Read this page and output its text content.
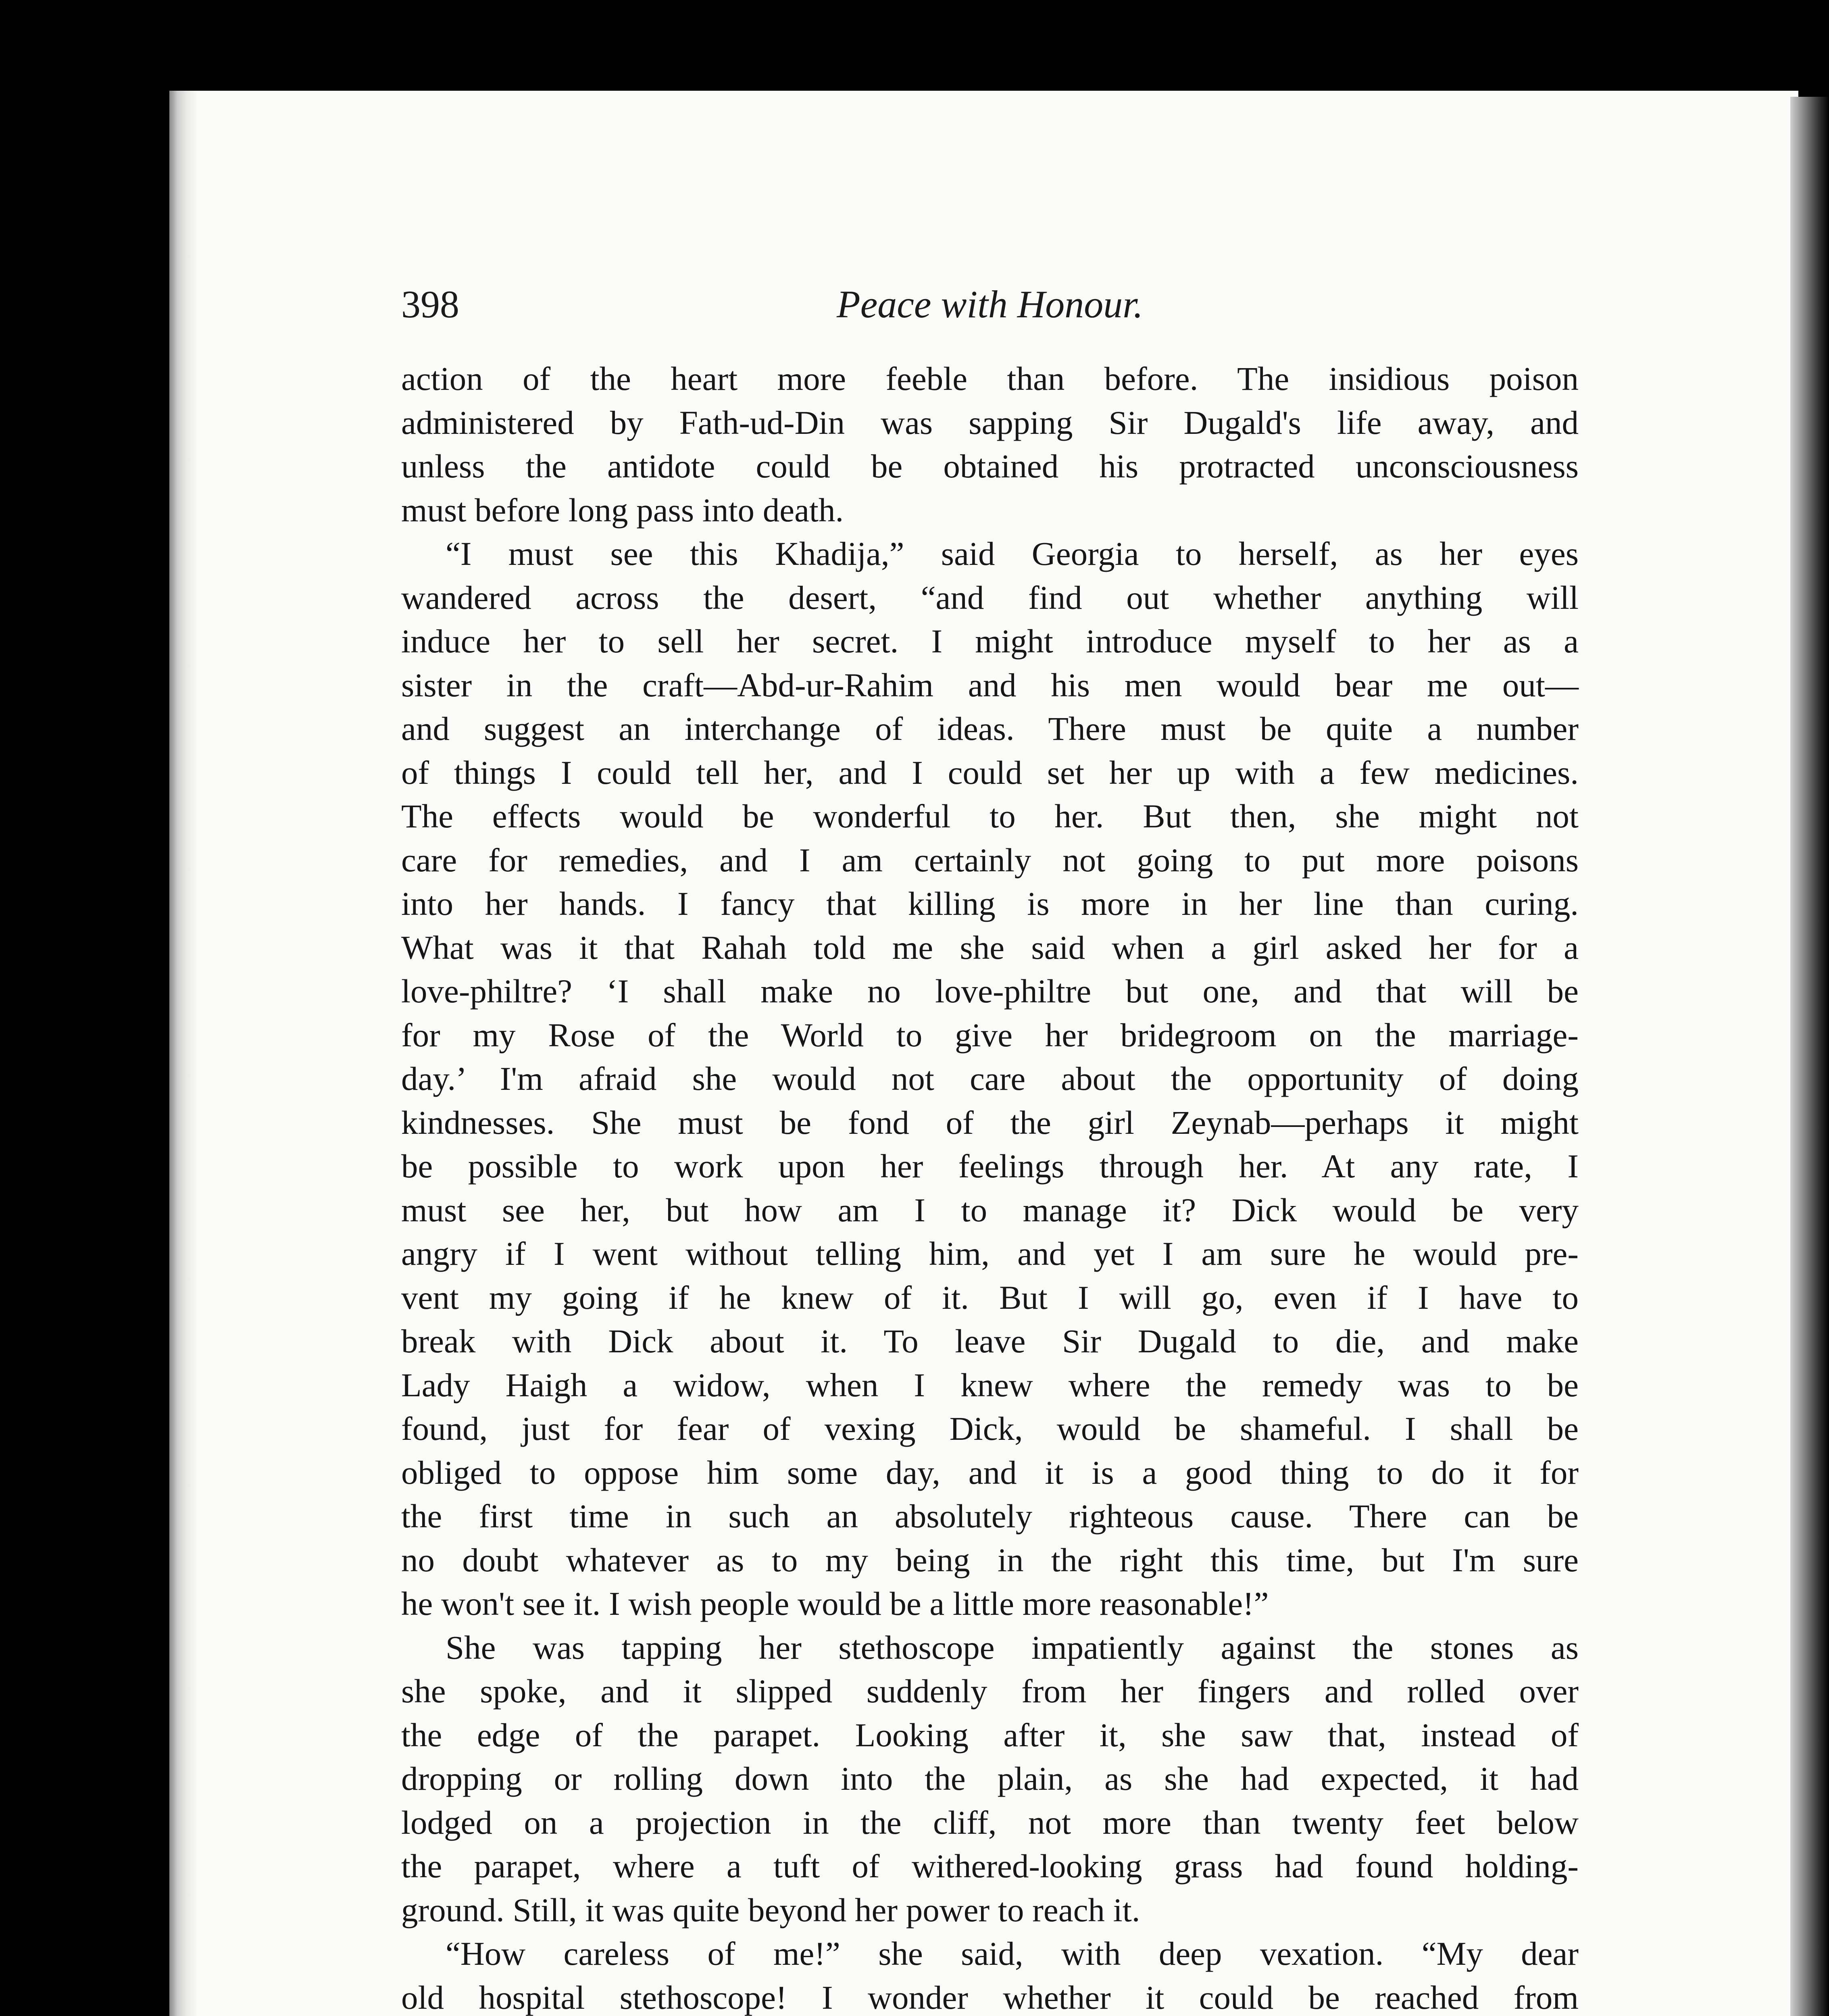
398	Peace with Honour.

action of the heart more feeble than before. The insidious poison
administered by Fath-ud-Din was sapping Sir Dugald's life away, and
unless the antidote could be obtained his protracted unconsciousness
must before long pass into death.

“I must see this Khadija,” said Georgia to herself, as her eyes
wandered across the desert, “and find out whether anything will
induce her to sell her secret. I might introduce myself to her as a
sister in the craft—Abd-ur-Rahim and his men would bear me out—
and suggest an interchange of ideas. There must be quite a number
of things I could tell her, and I could set her up with a few medicines.
The effects would be wonderful to her. But then, she might not
care for remedies, and I am certainly not going to put more poisons
into her hands. I fancy that killing is more in her line than curing.
What was it that Rahah told me she said when a girl asked her for a
love-philtre? ‘I shall make no love-philtre but one, and that will be
for my Rose of the World to give her bridegroom on the marriage-
day.’ I'm afraid she would not care about the opportunity of doing
kindnesses. She must be fond of the girl Zeynab—perhaps it might
be possible to work upon her feelings through her. At any rate, I
must see her, but how am I to manage it? Dick would be very
angry if I went without telling him, and yet I am sure he would pre-
vent my going if he knew of it. But I will go, even if I have to
break with Dick about it. To leave Sir Dugald to die, and make
Lady Haigh a widow, when I knew where the remedy was to be
found, just for fear of vexing Dick, would be shameful. I shall be
obliged to oppose him some day, and it is a good thing to do it for
the first time in such an absolutely righteous cause. There can be
no doubt whatever as to my being in the right this time, but I'm sure
he won't see it. I wish people would be a little more reasonable!”

She was tapping her stethoscope impatiently against the stones as
she spoke, and it slipped suddenly from her fingers and rolled over
the edge of the parapet. Looking after it, she saw that, instead of
dropping or rolling down into the plain, as she had expected, it had
lodged on a projection in the cliff, not more than twenty feet below
the parapet, where a tuft of withered-looking grass had found holding-
ground. Still, it was quite beyond her power to reach it.

“How careless of me!” she said, with deep vexation. “My dear
old hospital stethoscope! I wonder whether it could be reached from
